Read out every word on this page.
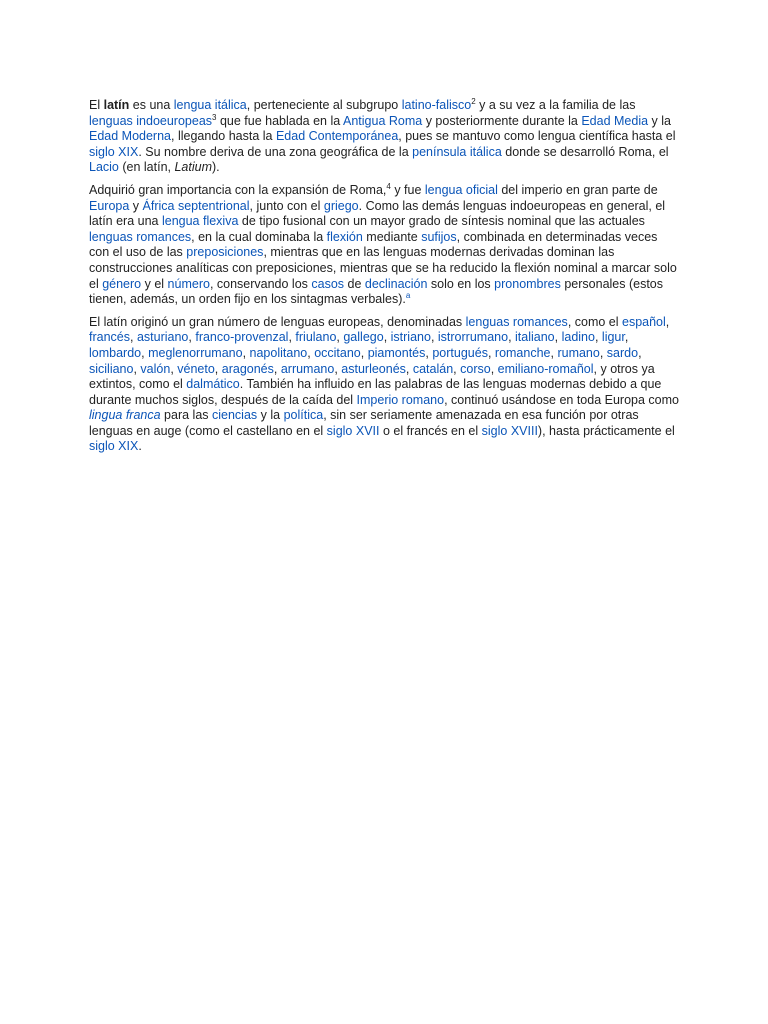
El latín es una lengua itálica, perteneciente al subgrupo latino-falisco$^2$ y a su vez a la familia de las lenguas indoeuropeas$^3$ que fue hablada en la Antigua Roma y posteriormente durante la Edad Media y la Edad Moderna, llegando hasta la Edad Contemporánea, pues se mantuvo como lengua científica hasta el siglo XIX. Su nombre deriva de una zona geográfica de la península itálica donde se desarrolló Roma, el Lacio (en latín, Latium).

Adquirió gran importancia con la expansión de Roma,$^4$ y fue lengua oficial del imperio en gran parte de Europa y África septentrional, junto con el griego. Como las demás lenguas indoeuropeas en general, el latín era una lengua flexiva de tipo fusional con un mayor grado de síntesis nominal que las actuales lenguas romances, en la cual dominaba la flexión mediante sufijos, combinada en determinadas veces con el uso de las preposiciones, mientras que en las lenguas modernas derivadas dominan las construcciones analíticas con preposiciones, mientras que se ha reducido la flexión nominal a marcar solo el género y el número, conservando los casos de declinación solo en los pronombres personales (estos tienen, además, un orden fijo en los sintagmas verbales).$^a$

El latín originó un gran número de lenguas europeas, denominadas lenguas romances, como el español, francés, asturiano, franco-provenzal, friulano, gallego, istriano, istrorrumano, italiano, ladino, ligur, lombardo, meglenorrumano, napolitano, occitano, piamontés, portugués, romanche, rumano, sardo, siciliano, valón, véneto, aragonés, arrumano, asturleonés, catalán, corso, emiliano-romañol, y otros ya extintos, como el dalmático. También ha influido en las palabras de las lenguas modernas debido a que durante muchos siglos, después de la caída del Imperio romano, continuó usándose en toda Europa como lingua franca para las ciencias y la política, sin ser seriamente amenazada en esa función por otras lenguas en auge (como el castellano en el siglo XVII o el francés en el siglo XVIII), hasta prácticamente el siglo XIX.
